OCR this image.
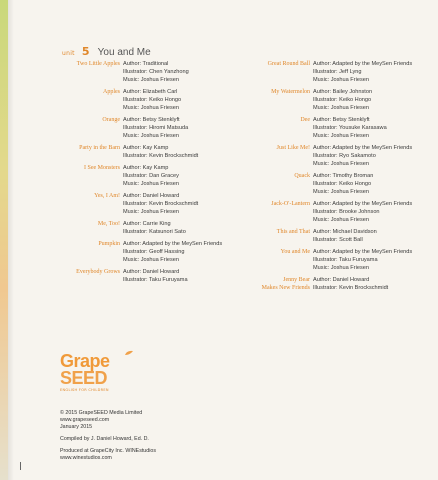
unit 5 You and Me
Two Little Apples Author: Traditional
Illustrator: Chen Yanzhong
Music: Joshua Friesen
Apples Author: Elizabeth Carl
Illustrator: Keiko Hongo
Music: Joshua Friesen
Orange Author: Betsy Stenklyft
Illustrator: Hiromi Matsuda
Music: Joshua Friesen
Party in the Barn Author: Kay Kamp
Illustrator: Kevin Brockschmidt
I See Monsters Author: Kay Kamp
Illustrator: Dan Gracey
Music: Joshua Friesen
Yes, I Am! Author: Daniel Howard
Illustrator: Kevin Brockschmidt
Music: Joshua Friesen
Me, Too! Author: Carrie King
Illustrator: Katsunori Sato
Pumpkin Author: Adapted by the MeySen Friends
Illustrator: Geoff Hassing
Music: Joshua Friesen
Everybody Grows Author: Daniel Howard
Illustrator: Taku Furuyama
Great Round Ball Author: Adapted by the MeySen Friends
Illustrator: Jeff Lyng
Music: Joshua Friesen
My Watermelon Author: Bailey Johnston
Illustrator: Keiko Hongo
Music: Joshua Friesen
Dee Author: Betsy Stenklyft
Illustrator: Yousuke Karasawa
Music: Joshua Friesen
Just Like Me! Author: Adapted by the MeySen Friends
Illustrator: Ryo Sakamoto
Music: Joshua Friesen
Quack Author: Timothy Broman
Illustrator: Keiko Hongo
Music: Joshua Friesen
Jack-O'-Lantern Author: Adapted by the MeySen Friends
Illustrator: Brooke Johnson
Music: Joshua Friesen
This and That Author: Michael Davidson
Illustrator: Scott Ball
You and Me Author: Adapted by the MeySen Friends
Illustrator: Taku Furuyama
Music: Joshua Friesen
Jenny Bear
Makes New Friends
Author: Daniel Howard
Illustrator: Kevin Brockschmidt
Grape
SEED
ENGLISH FOR CHILDREN
© 2015 GrapeSEED Media Limited
www.grapeseed.com
January 2015
Compiled by J. Daniel Howard, Ed. D.
Produced at GrapeCity Inc. WINEstudios
www.winestudios.com
